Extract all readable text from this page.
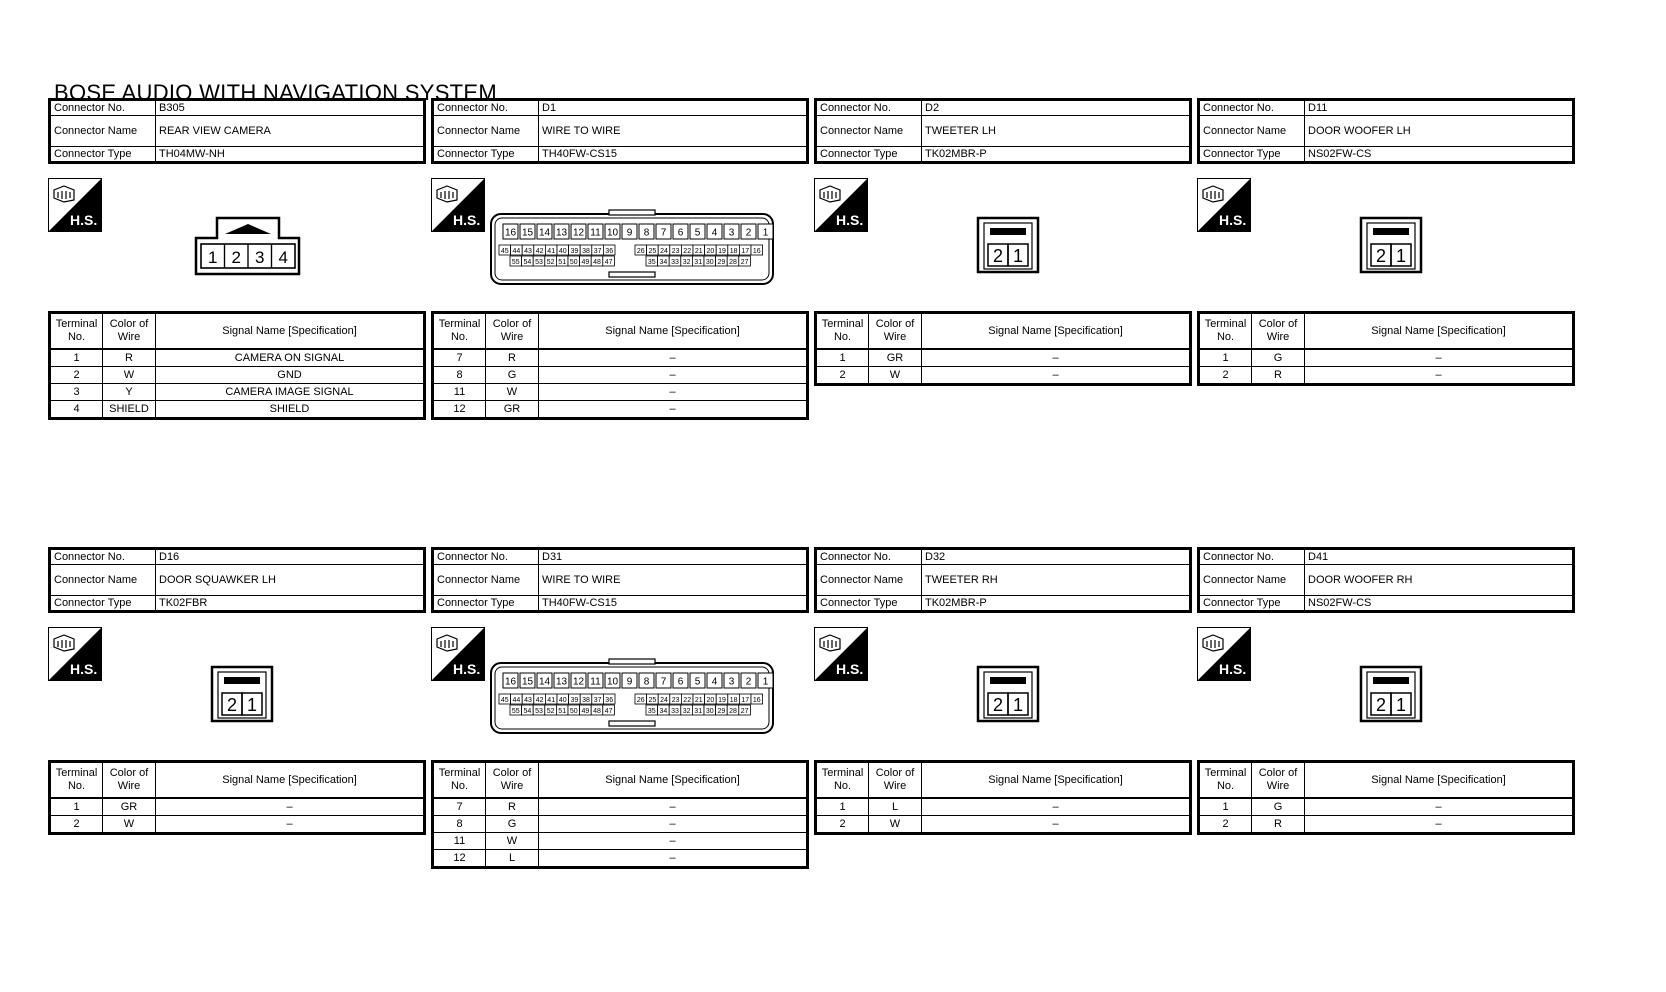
BOSE AUDIO WITH NAVIGATION SYSTEM
Connector No.	B305
Connector Name	REAR VIEW CAMERA
Connector Type	TH04MW-NH
H.S.
1 2 3 4
Terminal No.	Color of Wire	Signal Name [Specification]
1	R	CAMERA ON SIGNAL
2	W	GND
3	Y	CAMERA IMAGE SIGNAL
4	SHIELD	SHIELD
Connector No.	D1
Connector Name	WIRE TO WIRE
Connector Type	TH40FW-CS15
H.S.
16 15 14 13 12 11 10 9 8 7 6 5 4 3 2 1
45 44 43 42 41 40 39 38 37 36	26 25 24 23 22 21 20 19 18 17 16
55 54 53 52 51 50 49 48 47	35 34 33 32 31 30 29 28 27
Terminal No.	Color of Wire	Signal Name [Specification]
7	R	–
8	G	–
11	W	–
12	GR	–
Connector No.	D2
Connector Name	TWEETER LH
Connector Type	TK02MBR-P
H.S.
2 1
Terminal No.	Color of Wire	Signal Name [Specification]
1	GR	–
2	W	–
Connector No.	D11
Connector Name	DOOR WOOFER LH
Connector Type	NS02FW-CS
H.S.
2 1
Terminal No.	Color of Wire	Signal Name [Specification]
1	G	–
2	R	–
Connector No.	D16
Connector Name	DOOR SQUAWKER LH
Connector Type	TK02FBR
H.S.
2 1
Terminal No.	Color of Wire	Signal Name [Specification]
1	GR	–
2	W	–
Connector No.	D31
Connector Name	WIRE TO WIRE
Connector Type	TH40FW-CS15
H.S.
16 15 14 13 12 11 10 9 8 7 6 5 4 3 2 1
45 44 43 42 41 40 39 38 37 36	26 25 24 23 22 21 20 19 18 17 16
55 54 53 52 51 50 49 48 47	35 34 33 32 31 30 29 28 27
Terminal No.	Color of Wire	Signal Name [Specification]
7	R	–
8	G	–
11	W	–
12	L	–
Connector No.	D32
Connector Name	TWEETER RH
Connector Type	TK02MBR-P
H.S.
2 1
Terminal No.	Color of Wire	Signal Name [Specification]
1	L	–
2	W	–
Connector No.	D41
Connector Name	DOOR WOOFER RH
Connector Type	NS02FW-CS
H.S.
2 1
Terminal No.	Color of Wire	Signal Name [Specification]
1	G	–
2	R	–
